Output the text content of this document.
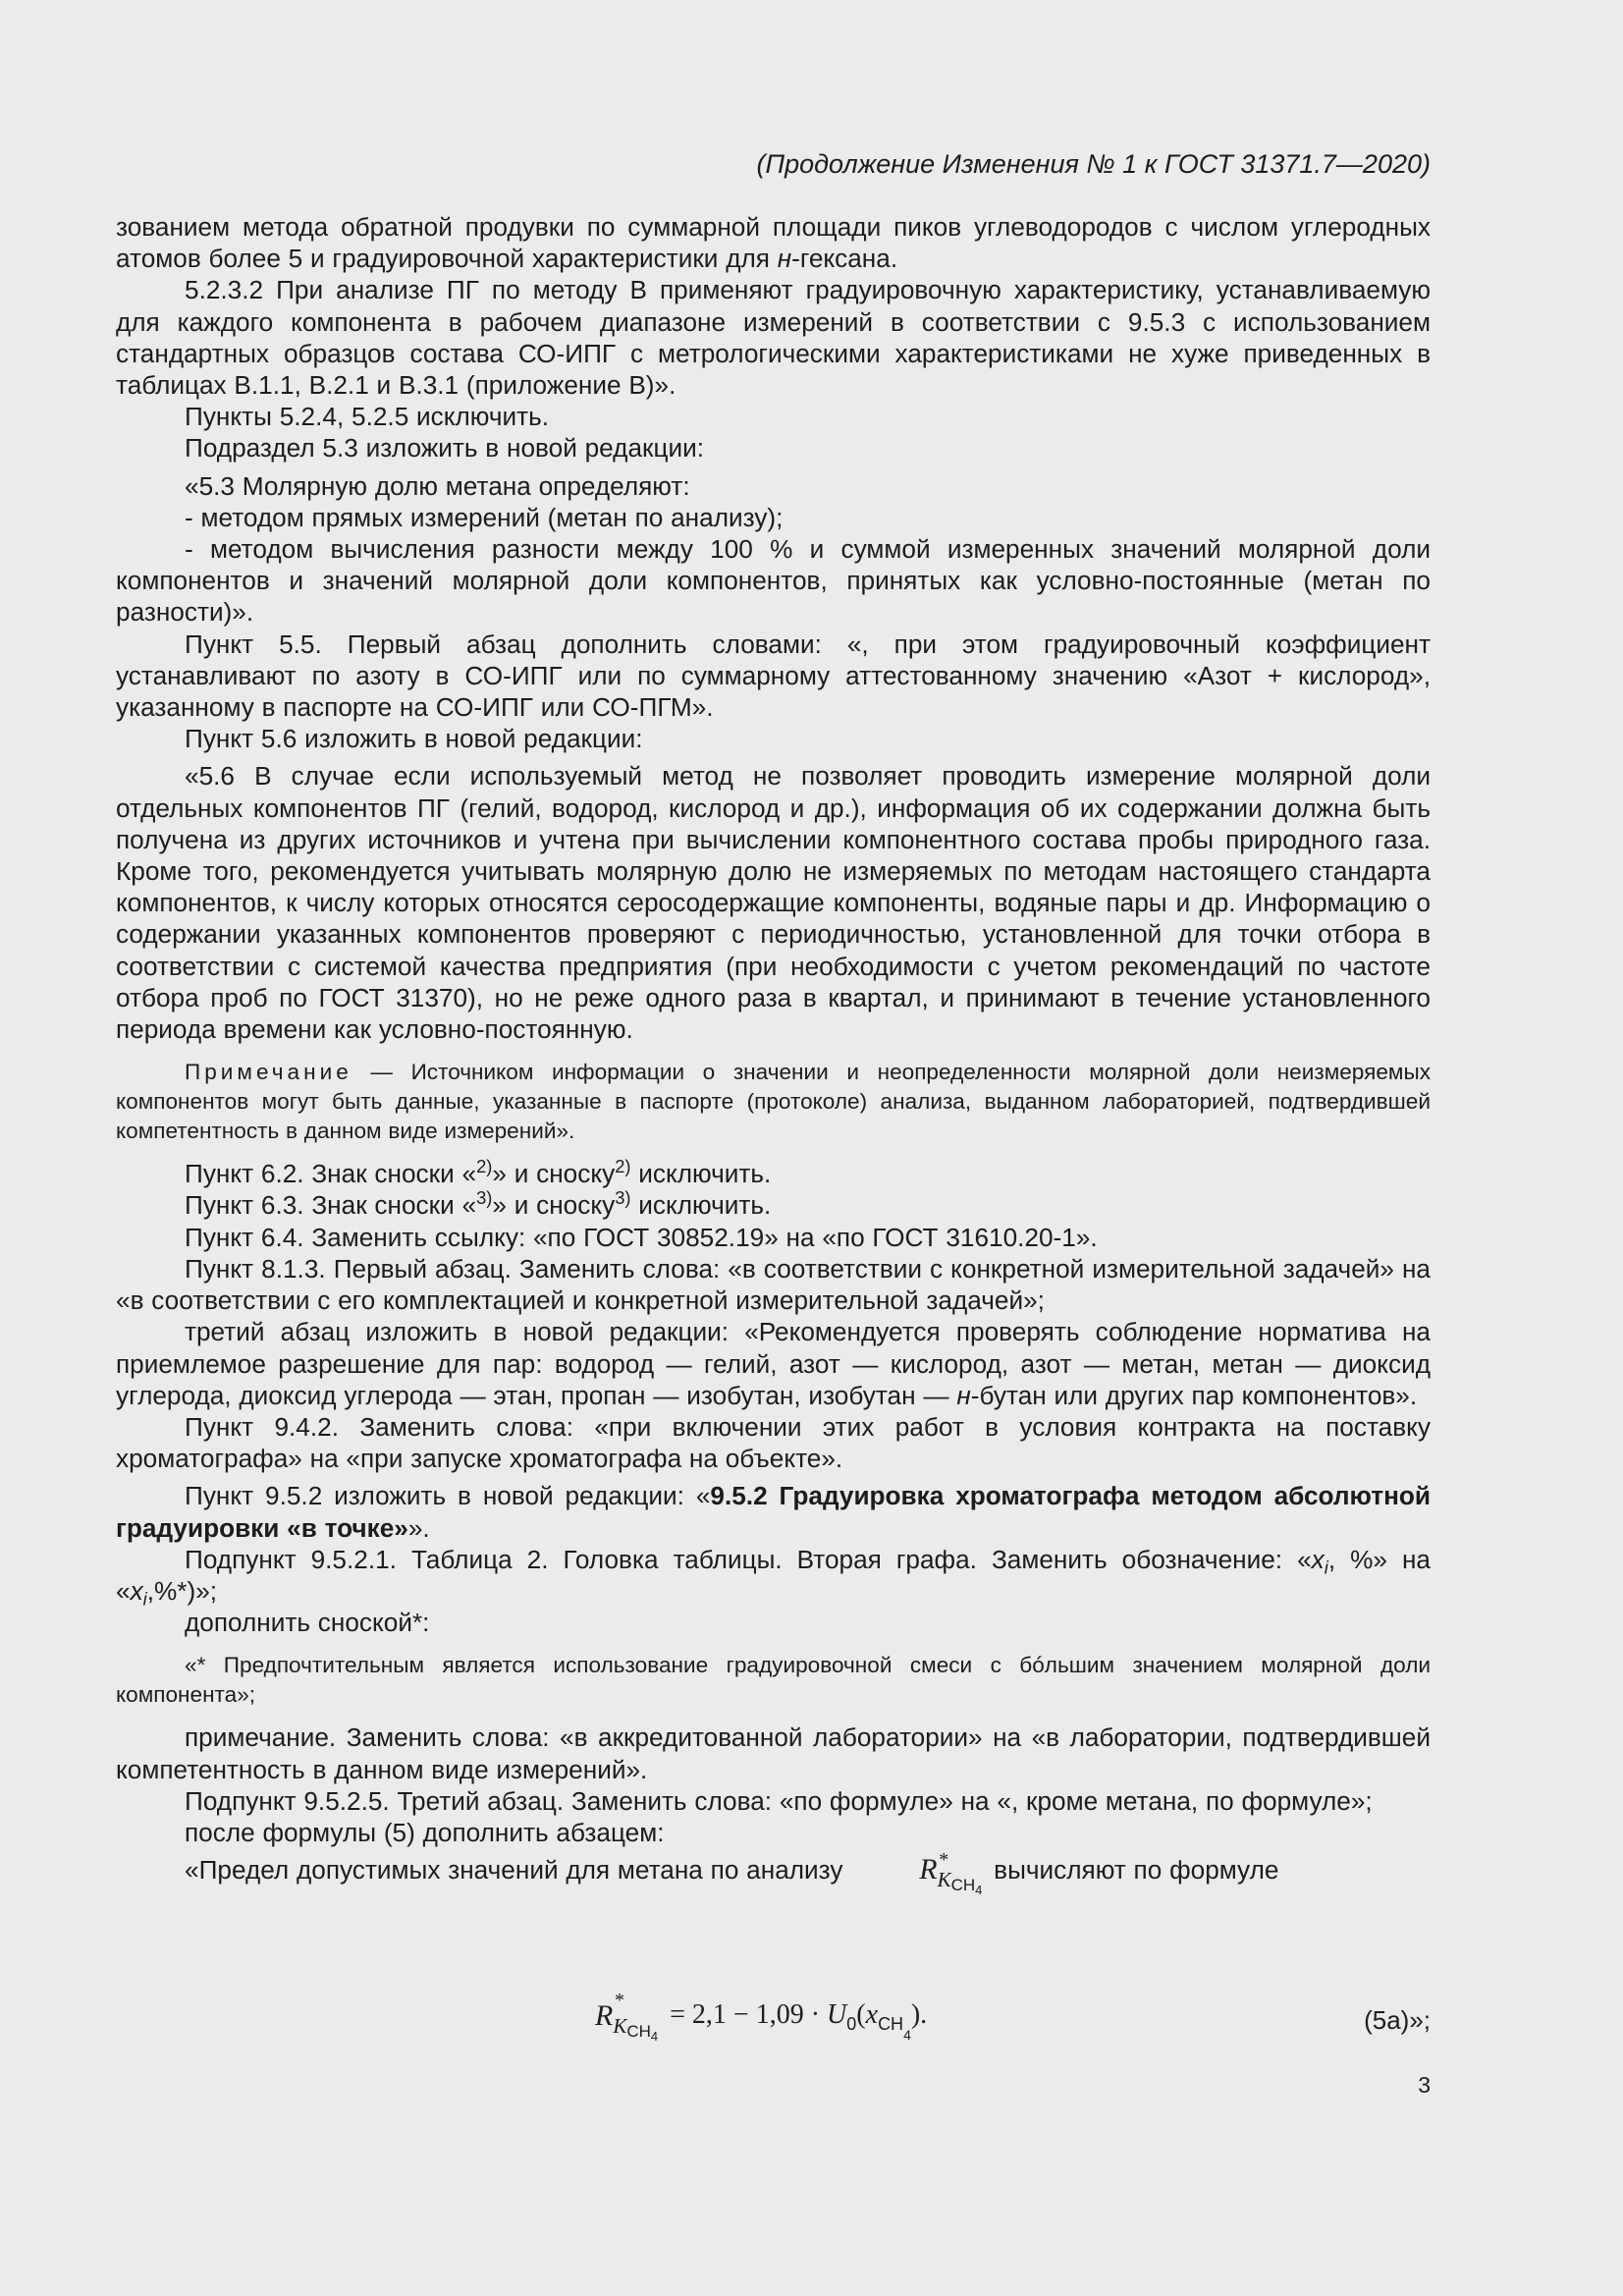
(Продолжение Изменения № 1 к ГОСТ 31371.7—2020)

зованием метода обратной продувки по суммарной площади пиков углеводородов с числом углеродных атомов более 5 и градуировочной характеристики для н-гексана.

5.2.3.2 При анализе ПГ по методу В применяют градуировочную характеристику, устанавливаемую для каждого компонента в рабочем диапазоне измерений в соответствии с 9.5.3 с использованием стандартных образцов состава СО-ИПГ с метрологическими характеристиками не хуже приведенных в таблицах В.1.1, В.2.1 и В.3.1 (приложение В)».

Пункты 5.2.4, 5.2.5 исключить.

Подраздел 5.3 изложить в новой редакции:

«5.3 Молярную долю метана определяют:

- методом прямых измерений (метан по анализу);

- методом вычисления разности между 100 % и суммой измеренных значений молярной доли компонентов и значений молярной доли компонентов, принятых как условно-постоянные (метан по разности)».

Пункт 5.5. Первый абзац дополнить словами: «, при этом градуировочный коэффициент устанавливают по азоту в СО-ИПГ или по суммарному аттестованному значению «Азот + кислород», указанному в паспорте на СО-ИПГ или СО-ПГМ».

Пункт 5.6 изложить в новой редакции:

«5.6 В случае если используемый метод не позволяет проводить измерение молярной доли отдельных компонентов ПГ (гелий, водород, кислород и др.), информация об их содержании должна быть получена из других источников и учтена при вычислении компонентного состава пробы природного газа. Кроме того, рекомендуется учитывать молярную долю не измеряемых по методам настоящего стандарта компонентов, к числу которых относятся серосодержащие компоненты, водяные пары и др. Информацию о содержании указанных компонентов проверяют с периодичностью, установленной для точки отбора в соответствии с системой качества предприятия (при необходимости с учетом рекомендаций по частоте отбора проб по ГОСТ 31370), но не реже одного раза в квартал, и принимают в течение установленного периода времени как условно-постоянную.

Примечание — Источником информации о значении и неопределенности молярной доли неизмеряемых компонентов могут быть данные, указанные в паспорте (протоколе) анализа, выданном лабораторией, подтвердившей компетентность в данном виде измерений».

Пункт 6.2. Знак сноски «$^{2)}$» и сноску$^{2)}$ исключить.

Пункт 6.3. Знак сноски «$^{3)}$» и сноску$^{3)}$ исключить.

Пункт 6.4. Заменить ссылку: «по ГОСТ 30852.19» на «по ГОСТ 31610.20-1».

Пункт 8.1.3. Первый абзац. Заменить слова: «в соответствии с конкретной измерительной задачей» на «в соответствии с его комплектацией и конкретной измерительной задачей»;

третий абзац изложить в новой редакции: «Рекомендуется проверять соблюдение норматива на приемлемое разрешение для пар: водород — гелий, азот — кислород, азот — метан, метан — диоксид углерода, диоксид углерода — этан, пропан — изобутан, изобутан — н-бутан или других пар компонентов».

Пункт 9.4.2. Заменить слова: «при включении этих работ в условия контракта на поставку хроматографа» на «при запуске хроматографа на объекте».

Пункт 9.5.2 изложить в новой редакции: «9.5.2 Градуировка хроматографа методом абсолютной градуировки «в точке»».

Подпункт 9.5.2.1. Таблица 2. Головка таблицы. Вторая графа. Заменить обозначение: «$x_i$, %» на «$x_i,\%*$)»;

дополнить сноской*:

«* Предпочтительным является использование градуировочной смеси с бóльшим значением молярной доли компонента»;

примечание. Заменить слова: «в аккредитованной лаборатории» на «в лаборатории, подтвердившей компетентность в данном виде измерений».

Подпункт 9.5.2.5. Третий абзац. Заменить слова: «по формуле» на «, кроме метана, по формуле»;

после формулы (5) дополнить абзацем:

«Предел допустимых значений для метана по анализу R *
$_{KCH_4}$ вычисляют по формуле

R *
$_{KCH_4}$
= $2,1 - 1,09 \cdot U_0(x_{CH_4})$.	(5а)»;
3
